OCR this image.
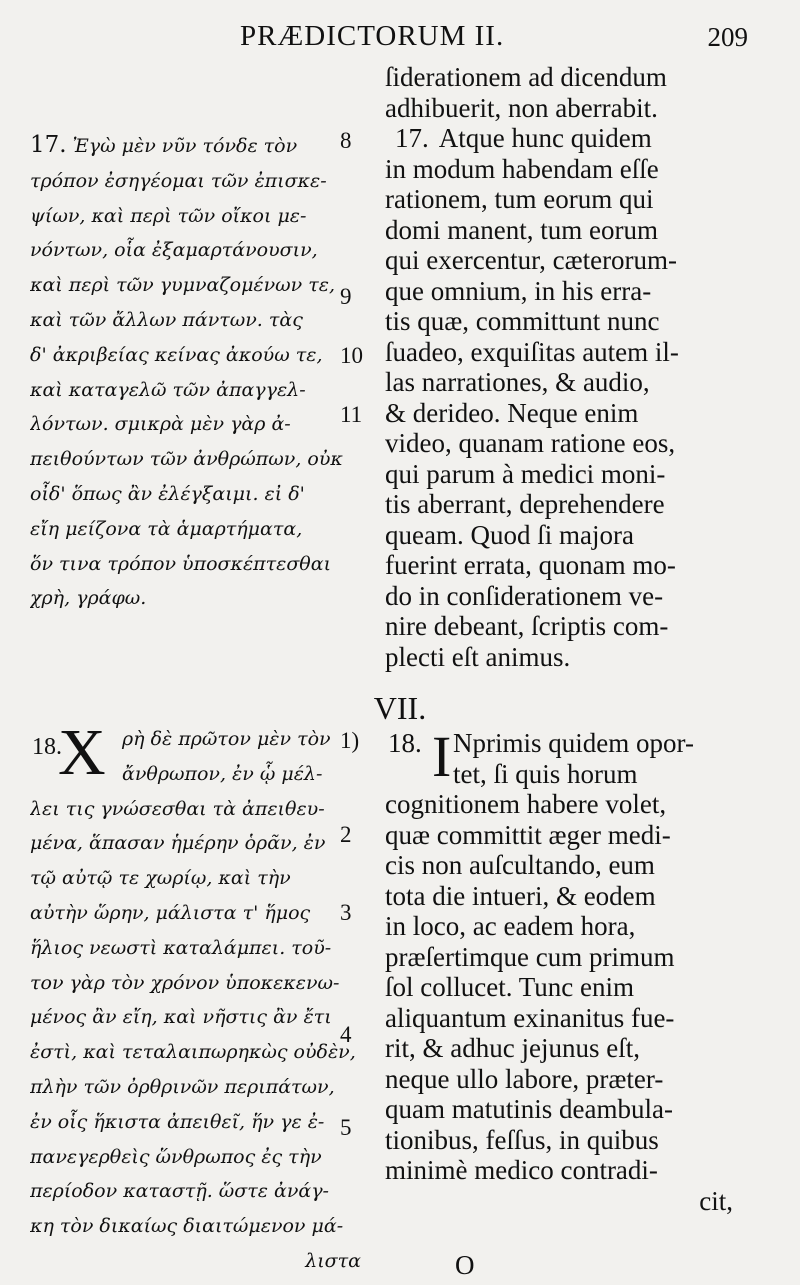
PRÆDICTORUM II.	209
17. Ἐγὼ μὲν νῦν τόνδε τὸν
τρόπον ἐσηγέομαι τῶν ἐπισκε-
ψίων, καὶ περὶ τῶν οἴκοι με-
νόντων, οἷα ἐξαμαρτάνουσιν,
καὶ περὶ τῶν γυμναζομένων τε,
καὶ τῶν ἄλλων πάντων. τὰς
δ' ἀκριβείας κείνας ἀκούω τε,
καὶ καταγελῶ τῶν ἀπαγγελ-
λόντων. σμικρὰ μὲν γὰρ ἀ-
πειθούντων τῶν ἀνθρώπων, οὐκ
οἶδ' ὅπως ἂν ἐλέγξαιμι. εἰ δ'
εἴη μείζονα τὰ ἁμαρτήματα,
ὅν τινα τρόπον ὑποσκέπτεσθαι
χρὴ, γράφω.
ſiderationem ad dicendum
adhibuerit, non aberrabit.
17. Atque hunc quidem
in modum habendam eſſe
rationem, tum eorum qui
domi manent, tum eorum
qui exercentur, cæterorum-
que omnium, in his erra-
tis quæ, committunt nunc
ſuadeo, exquiſitas autem il-
las narrationes, & audio,
& derideo. Neque enim
video, quanam ratione eos,
qui parum à medici moni-
tis aberrant, deprehendere
queam. Quod ſi majora
fuerint errata, quonam mo-
do in conſiderationem ve-
nire debeant, ſcriptis com-
plecti eſt animus.
8
9
10
11
1)
2
3
4
5
VII.
18.
X ρὴ δὲ πρῶτον μὲν τὸν
ἄνθρωπον, ἐν ᾧ μέλ-
λει τις γνώσεσθαι τὰ ἀπειθευ-
μένα, ἅπασαν ἡμέρην ὁρᾶν, ἐν
τῷ αὐτῷ τε χωρίῳ, καὶ τὴν
αὐτὴν ὥρην, μάλιστα τ' ἥμος
ἥλιος νεωστὶ καταλάμπει. τοῦ-
τον γὰρ τὸν χρόνον ὑποκεκενω-
μένος ἂν εἴη, καὶ νῆστις ἂν ἔτι
ἐστὶ, καὶ τεταλαιπωρηκὼς οὐδὲν,
πλὴν τῶν ὀρθρινῶν περιπάτων,
ἐν οἷς ἥκιστα ἀπειθεῖ, ἥν γε ἐ-
πανεγερθεὶς ὥνθρωπος ἐς τὴν
περίοδον καταστῇ. ὥστε ἀνάγ-
κη τὸν δικαίως διαιτώμενον μά-
λιστα
18. I Nprimis quidem opor-
tet, ſi quis horum
cognitionem habere volet,
quæ committit æger medi-
cis non auſcultando, eum
tota die intueri, & eodem
in loco, ac eadem hora,
præſertimque cum primum
ſol collucet. Tunc enim
aliquantum exinanitus fue-
rit, & adhuc jejunus eſt,
neque ullo labore, præter-
quam matutinis deambula-
tionibus, feſſus, in quibus
minimè medico contradi-
cit,
O
